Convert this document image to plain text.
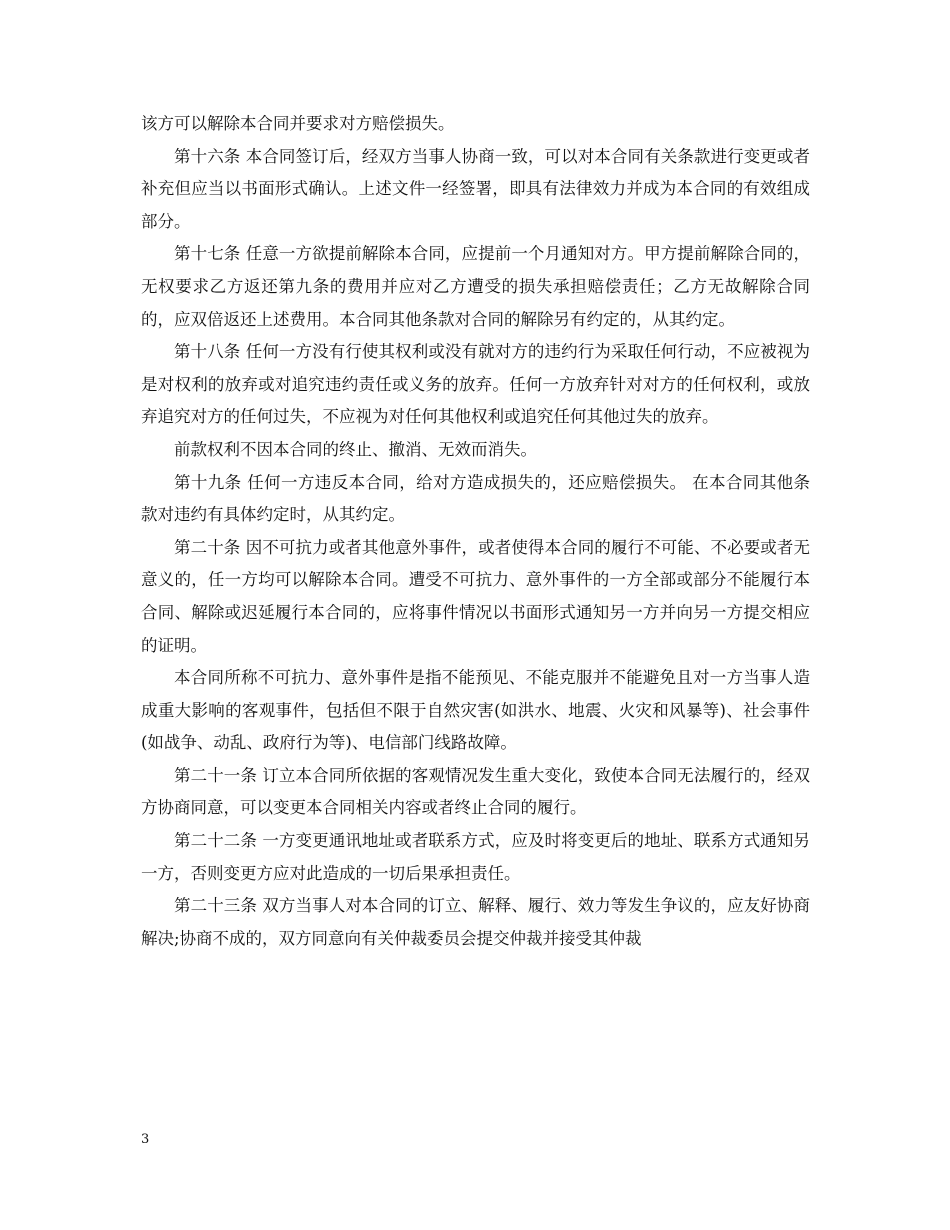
该方可以解除本合同并要求对方赔偿损失。

第十六条 本合同签订后，经双方当事人协商一致，可以对本合同有关条款进行变更或者补充但应当以书面形式确认。上述文件一经签署，即具有法律效力并成为本合同的有效组成部分。

第十七条 任意一方欲提前解除本合同，应提前一个月通知对方。甲方提前解除合同的，无权要求乙方返还第九条的费用并应对乙方遭受的损失承担赔偿责任；乙方无故解除合同的，应双倍返还上述费用。本合同其他条款对合同的解除另有约定的，从其约定。

第十八条 任何一方没有行使其权利或没有就对方的违约行为采取任何行动，不应被视为是对权利的放弃或对追究违约责任或义务的放弃。任何一方放弃针对对方的任何权利，或放弃追究对方的任何过失，不应视为对任何其他权利或追究任何其他过失的放弃。

前款权利不因本合同的终止、撤消、无效而消失。

第十九条 任何一方违反本合同，给对方造成损失的，还应赔偿损失。 在本合同其他条款对违约有具体约定时，从其约定。

第二十条 因不可抗力或者其他意外事件，或者使得本合同的履行不可能、不必要或者无意义的，任一方均可以解除本合同。遭受不可抗力、意外事件的一方全部或部分不能履行本合同、解除或迟延履行本合同的，应将事件情况以书面形式通知另一方并向另一方提交相应的证明。

本合同所称不可抗力、意外事件是指不能预见、不能克服并不能避免且对一方当事人造成重大影响的客观事件，包括但不限于自然灾害(如洪水、地震、火灾和风暴等)、社会事件(如战争、动乱、政府行为等)、电信部门线路故障。

第二十一条 订立本合同所依据的客观情况发生重大变化，致使本合同无法履行的，经双方协商同意，可以变更本合同相关内容或者终止合同的履行。

第二十二条 一方变更通讯地址或者联系方式，应及时将变更后的地址、联系方式通知另一方，否则变更方应对此造成的一切后果承担责任。

第二十三条 双方当事人对本合同的订立、解释、履行、效力等发生争议的，应友好协商解决;协商不成的，双方同意向有关仲裁委员会提交仲裁并接受其仲裁

3
